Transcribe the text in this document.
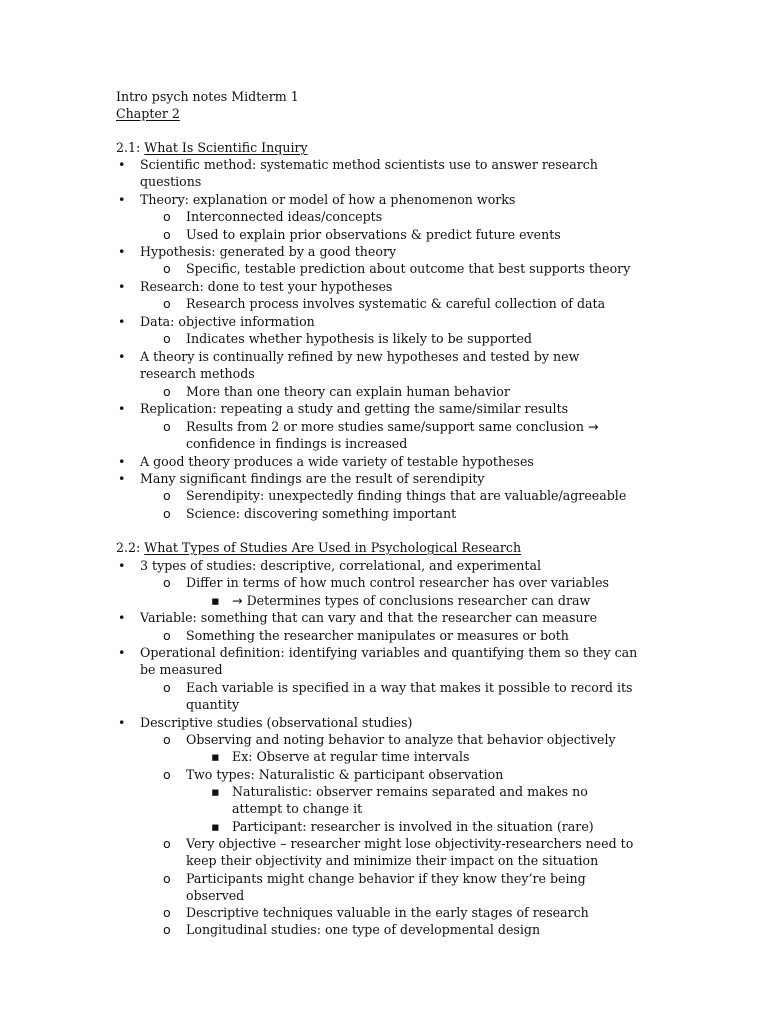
Intro psych notes Midterm 1
Chapter 2
2.1: What Is Scientific Inquiry
• Scientific method: systematic method scientists use to answer research
questions
• Theory: explanation or model of how a phenomenon works
o Interconnected ideas/concepts
o Used to explain prior observations & predict future events
• Hypothesis: generated by a good theory
o Specific, testable prediction about outcome that best supports theory
• Research: done to test your hypotheses
o Research process involves systematic & careful collection of data
• Data: objective information
o Indicates whether hypothesis is likely to be supported
• A theory is continually refined by new hypotheses and tested by new
research methods
o More than one theory can explain human behavior
• Replication: repeating a study and getting the same/similar results
o Results from 2 or more studies same/support same conclusion →
confidence in findings is increased
• A good theory produces a wide variety of testable hypotheses
• Many significant findings are the result of serendipity
o Serendipity: unexpectedly finding things that are valuable/agreeable
o Science: discovering something important
2.2: What Types of Studies Are Used in Psychological Research
• 3 types of studies: descriptive, correlational, and experimental
o Differ in terms of how much control researcher has over variables
▪ → Determines types of conclusions researcher can draw
• Variable: something that can vary and that the researcher can measure
o Something the researcher manipulates or measures or both
• Operational definition: identifying variables and quantifying them so they can
be measured
o Each variable is specified in a way that makes it possible to record its
quantity
• Descriptive studies (observational studies)
o Observing and noting behavior to analyze that behavior objectively
▪ Ex: Observe at regular time intervals
o Two types: Naturalistic & participant observation
▪ Naturalistic: observer remains separated and makes no
attempt to change it
▪ Participant: researcher is involved in the situation (rare)
o Very objective – researcher might lose objectivity-researchers need to
keep their objectivity and minimize their impact on the situation
o Participants might change behavior if they know they’re being
observed
o Descriptive techniques valuable in the early stages of research
o Longitudinal studies: one type of developmental design
